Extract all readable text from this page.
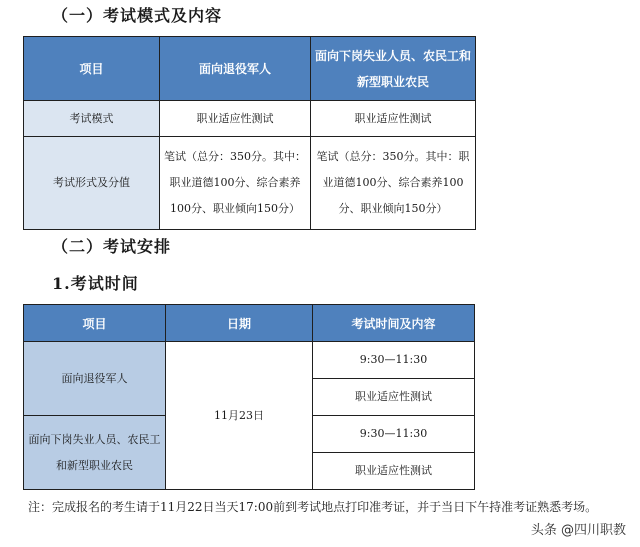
（一）考试模式及内容
项目	面向退役军人	面向下岗失业人员、农民工和新型职业农民
考试模式	职业适应性测试	职业适应性测试
考试形式及分值	笔试（总分：350分。其中：职业道德100分、综合素养100分、职业倾向150分）	笔试（总分：350分。其中：职业道德100分、综合素养100分、职业倾向150分）
（二）考试安排
1.考试时间
项目	日期	考试时间及内容
面向退役军人	11月23日	9:30—11:30
		职业适应性测试
面向下岗失业人员、农民工和新型职业农民		9:30—11:30
		职业适应性测试
注：完成报名的考生请于11月22日当天17:00前到考试地点打印准考证，并于当日下午持准考证熟悉考场。
头条 @四川职教
